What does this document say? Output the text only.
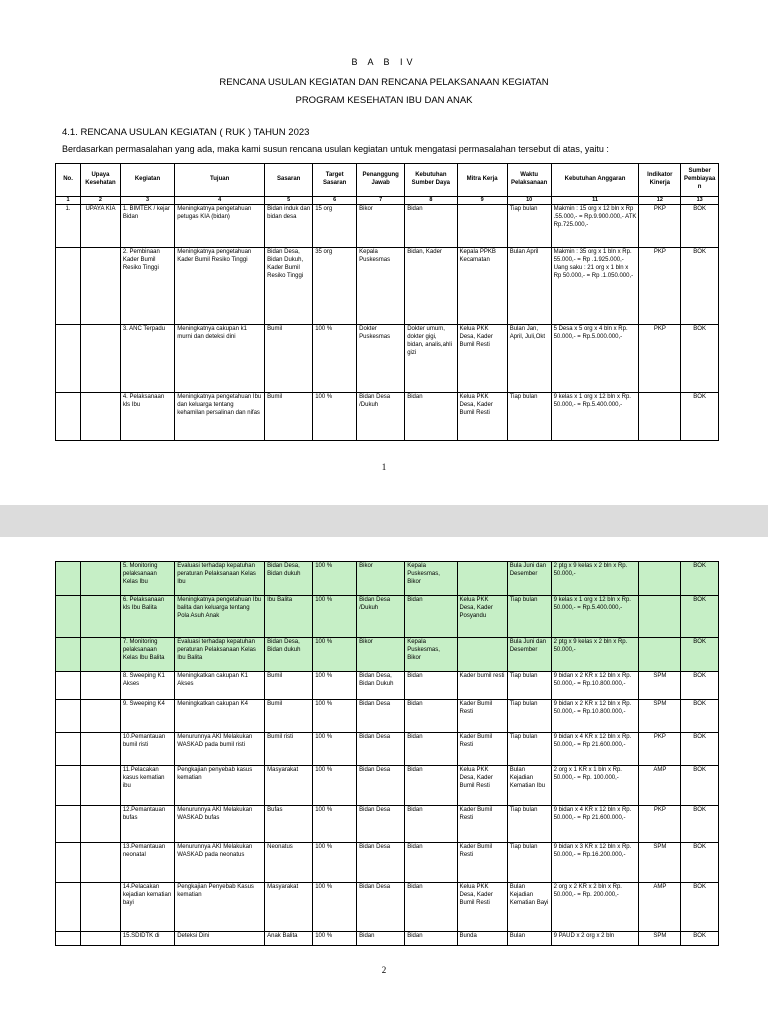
B A B IV
RENCANA USULAN KEGIATAN DAN RENCANA PELAKSANAAN KEGIATAN
PROGRAM KESEHATAN IBU DAN ANAK
4.1. RENCANA USULAN KEGIATAN ( RUK ) TAHUN 2023
Berdasarkan permasalahan yang ada, maka kami susun rencana usulan kegiatan untuk mengatasi permasalahan tersebut di atas, yaitu :
No.	Upaya Kesehatan	Kegiatan	Tujuan	Sasaran	Target Sasaran	Penanggung Jawab	Kebutuhan Sumber Daya	Mitra Kerja	Waktu Pelaksanaan	Kebutuhan Anggaran	Indikator Kinerja	Sumber Pembiayaan
1	2	3	4	5	6	7	8	9	10	11	12	13
1.	UPAYA KIA	1. BIMTEK / kejar Bidan	Meningkatnya pengetahuan petugas KIA (bidan)	Bidan induk dan bidan desa	15 org	Bikor	Bidan		Tiap bulan	Makmin : 15 org x 12 bln x Rp .55.000,- = Rp.9.900.000,- ATK Rp.725.000,-	PKP	BOK
		2. Pembinaan Kader Bumil Resiko Tinggi	Meningkatnya pengetahuan Kader Bumil Resiko Tinggi	Bidan Desa, Bidan Dukuh, Kader Bumil Resiko Tinggi	35 org	Kepala Puskesmas	Bidan, Kader	Kepala PPKB Kecamatan	Bulan April	Makmin : 35 org x 1 bln x Rp. 55.000,- = Rp .1.925.000,- Uang saku : 21 org x 1 bln x Rp 50.000,- = Rp .1.050.000,-	PKP	BOK
		3. ANC Terpadu	Meningkatnya cakupan k1 murni dan deteksi dini	Bumil	100 %	Dokter Puskesmas	Dokter umum, dokter gigi, bidan, analis,ahli gizi	Kelua PKK Desa, Kader Bumil Resti	Bulan Jan, April, Juli,Okt	5 Desa x 5 org x 4 bln x Rp. 50.000,- = Rp.5.000.000,-	PKP	BOK
		4. Pelaksanaan kls Ibu	Meningkatnya pengetahuan Ibu dan keluarga tentang kehamilan persalinan dan nifas	Bumil	100 %	Bidan Desa /Dukuh	Bidan	Kelua PKK Desa, Kader Bumil Resti	Tiap bulan	9 kelas x 1 org x 12 bln x Rp. 50.000,- = Rp.5.400.000,-		BOK
1
		5. Monitoring pelaksanaan Kelas Ibu	Evaluasi terhadap kepatuhan peraturan Pelaksanaan Kelas Ibu	Bidan Desa, Bidan dukuh	100 %	Bikor	Kepala Puskesmas, Bikor		Bula Juni dan Desember	2 ptg x 9 kelas x 2 bln x Rp. 50.000,-		BOK
		6. Pelaksanaan kls Ibu Balita	Meningkatnya pengetahuan Ibu balita dan keluarga tentang Pola Asuh Anak	Ibu Balita	100 %	Bidan Desa /Dukuh	Bidan	Kelua PKK Desa, Kader Posyandu	Tiap bulan	9 kelas x 1 org x 12 bln x Rp. 50.000,- = Rp.5.400.000,-		BOK
		7. Monitoring pelaksanaan Kelas Ibu Balita	Evaluasi terhadap kepatuhan peraturan Pelaksanaan Kelas Ibu Balita	Bidan Desa, Bidan dukuh	100 %	Bikor	Kepala Puskesmas, Bikor		Bula Juni dan Desember	2 ptg x 9 kelas x 2 bln x Rp. 50.000,-		BOK
		8. Sweeping K1 Akses	Meningkatkan cakupan K1 Akses	Bumil	100 %	Bidan Desa, Bidan Dukuh	Bidan	Kader bumil resti	Tiap bulan	9 bidan x 2 KR x 12 bln x Rp. 50.000,- = Rp.10.800.000,-	SPM	BOK
		9. Sweeping K4	Meningkatkan cakupan K4	Bumil	100 %	Bidan Desa	Bidan	Kader Bumil Resti	Tiap bulan	9 bidan x 2 KR x 12 bln x Rp. 50.000,- = Rp.10.800.000,-	SPM	BOK
		10.Pemantauan bumil risti	Menurunnya AKI Melakukan WASKAD pada bumil risti	Bumil risti	100 %	Bidan Desa	Bidan	Kader Bumil Resti	Tiap bulan	9 bidan x 4 KR x 12 bln x Rp. 50.000,- = Rp 21.600.000,-	PKP	BOK
		11.Pelacakan kasus kematian ibu	Pengkajian penyebab kasus kematian	Masyarakat	100 %	Bidan Desa	Bidan	Kelua PKK Desa, Kader Bumil Resti	Bulan Kejadian Kematian Ibu	2 org x 1 KR x 1 bln x Rp. 50.000,- = Rp. 100.000,-	AMP	BOK
		12.Pemantauan bufas	Menurunnya AKI Melakukan WASKAD bufas	Bufas	100 %	Bidan Desa	Bidan	Kader Bumil Resti	Tiap bulan	9 bidan x 4 KR x 12 bln x Rp. 50.000,- = Rp 21.600.000,-	PKP	BOK
		13.Pemantauan neonatal	Menurunnya AKI Melakukan WASKAD pada neonatus	Neonatus	100 %	Bidan Desa	Bidan	Kader Bumil Resti	Tiap bulan	9 bidan x 3 KR x 12 bln x Rp. 50.000,- = Rp.16.200.000,-	SPM	BOK
		14.Pelacakan kejadian kematian bayi	Pengkajian Penyebab Kasus kematian	Masyarakat	100 %	Bidan Desa	Bidan	Kelua PKK Desa, Kader Bumil Resti	Bulan Kejadian Kematian Bayi	2 org x 2 KR x 2 bln x Rp. 50.000,- = Rp. 200.000,-	AMP	BOK
		15.SDIDTK di	Deteksi Dini	Anak Balita	100 %	Bidan	Bidan	Bunda	Bulan	9 PAUD x 2 org x 2 bln	SPM	BOK
2
